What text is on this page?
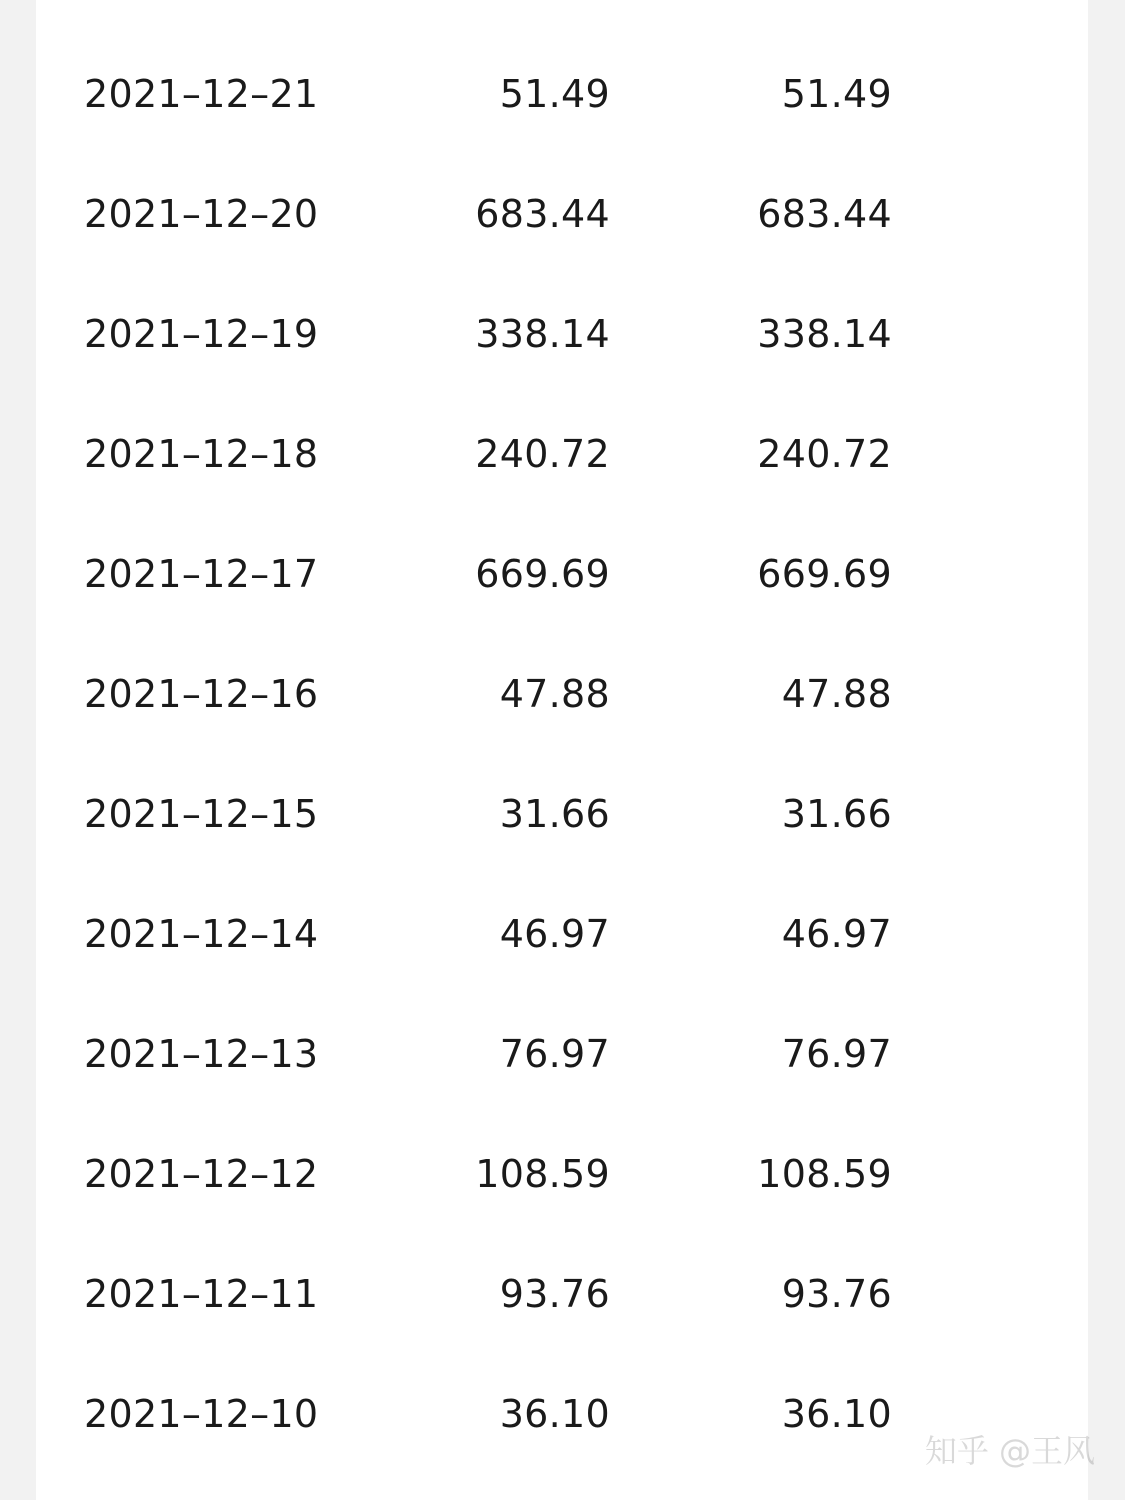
2021–12–21	51.49	51.49
2021–12–20	683.44	683.44
2021–12–19	338.14	338.14
2021–12–18	240.72	240.72
2021–12–17	669.69	669.69
2021–12–16	47.88	47.88
2021–12–15	31.66	31.66
2021–12–14	46.97	46.97
2021–12–13	76.97	76.97
2021–12–12	108.59	108.59
2021–12–11	93.76	93.76
2021–12–10	36.10	36.10
知乎 @王风
